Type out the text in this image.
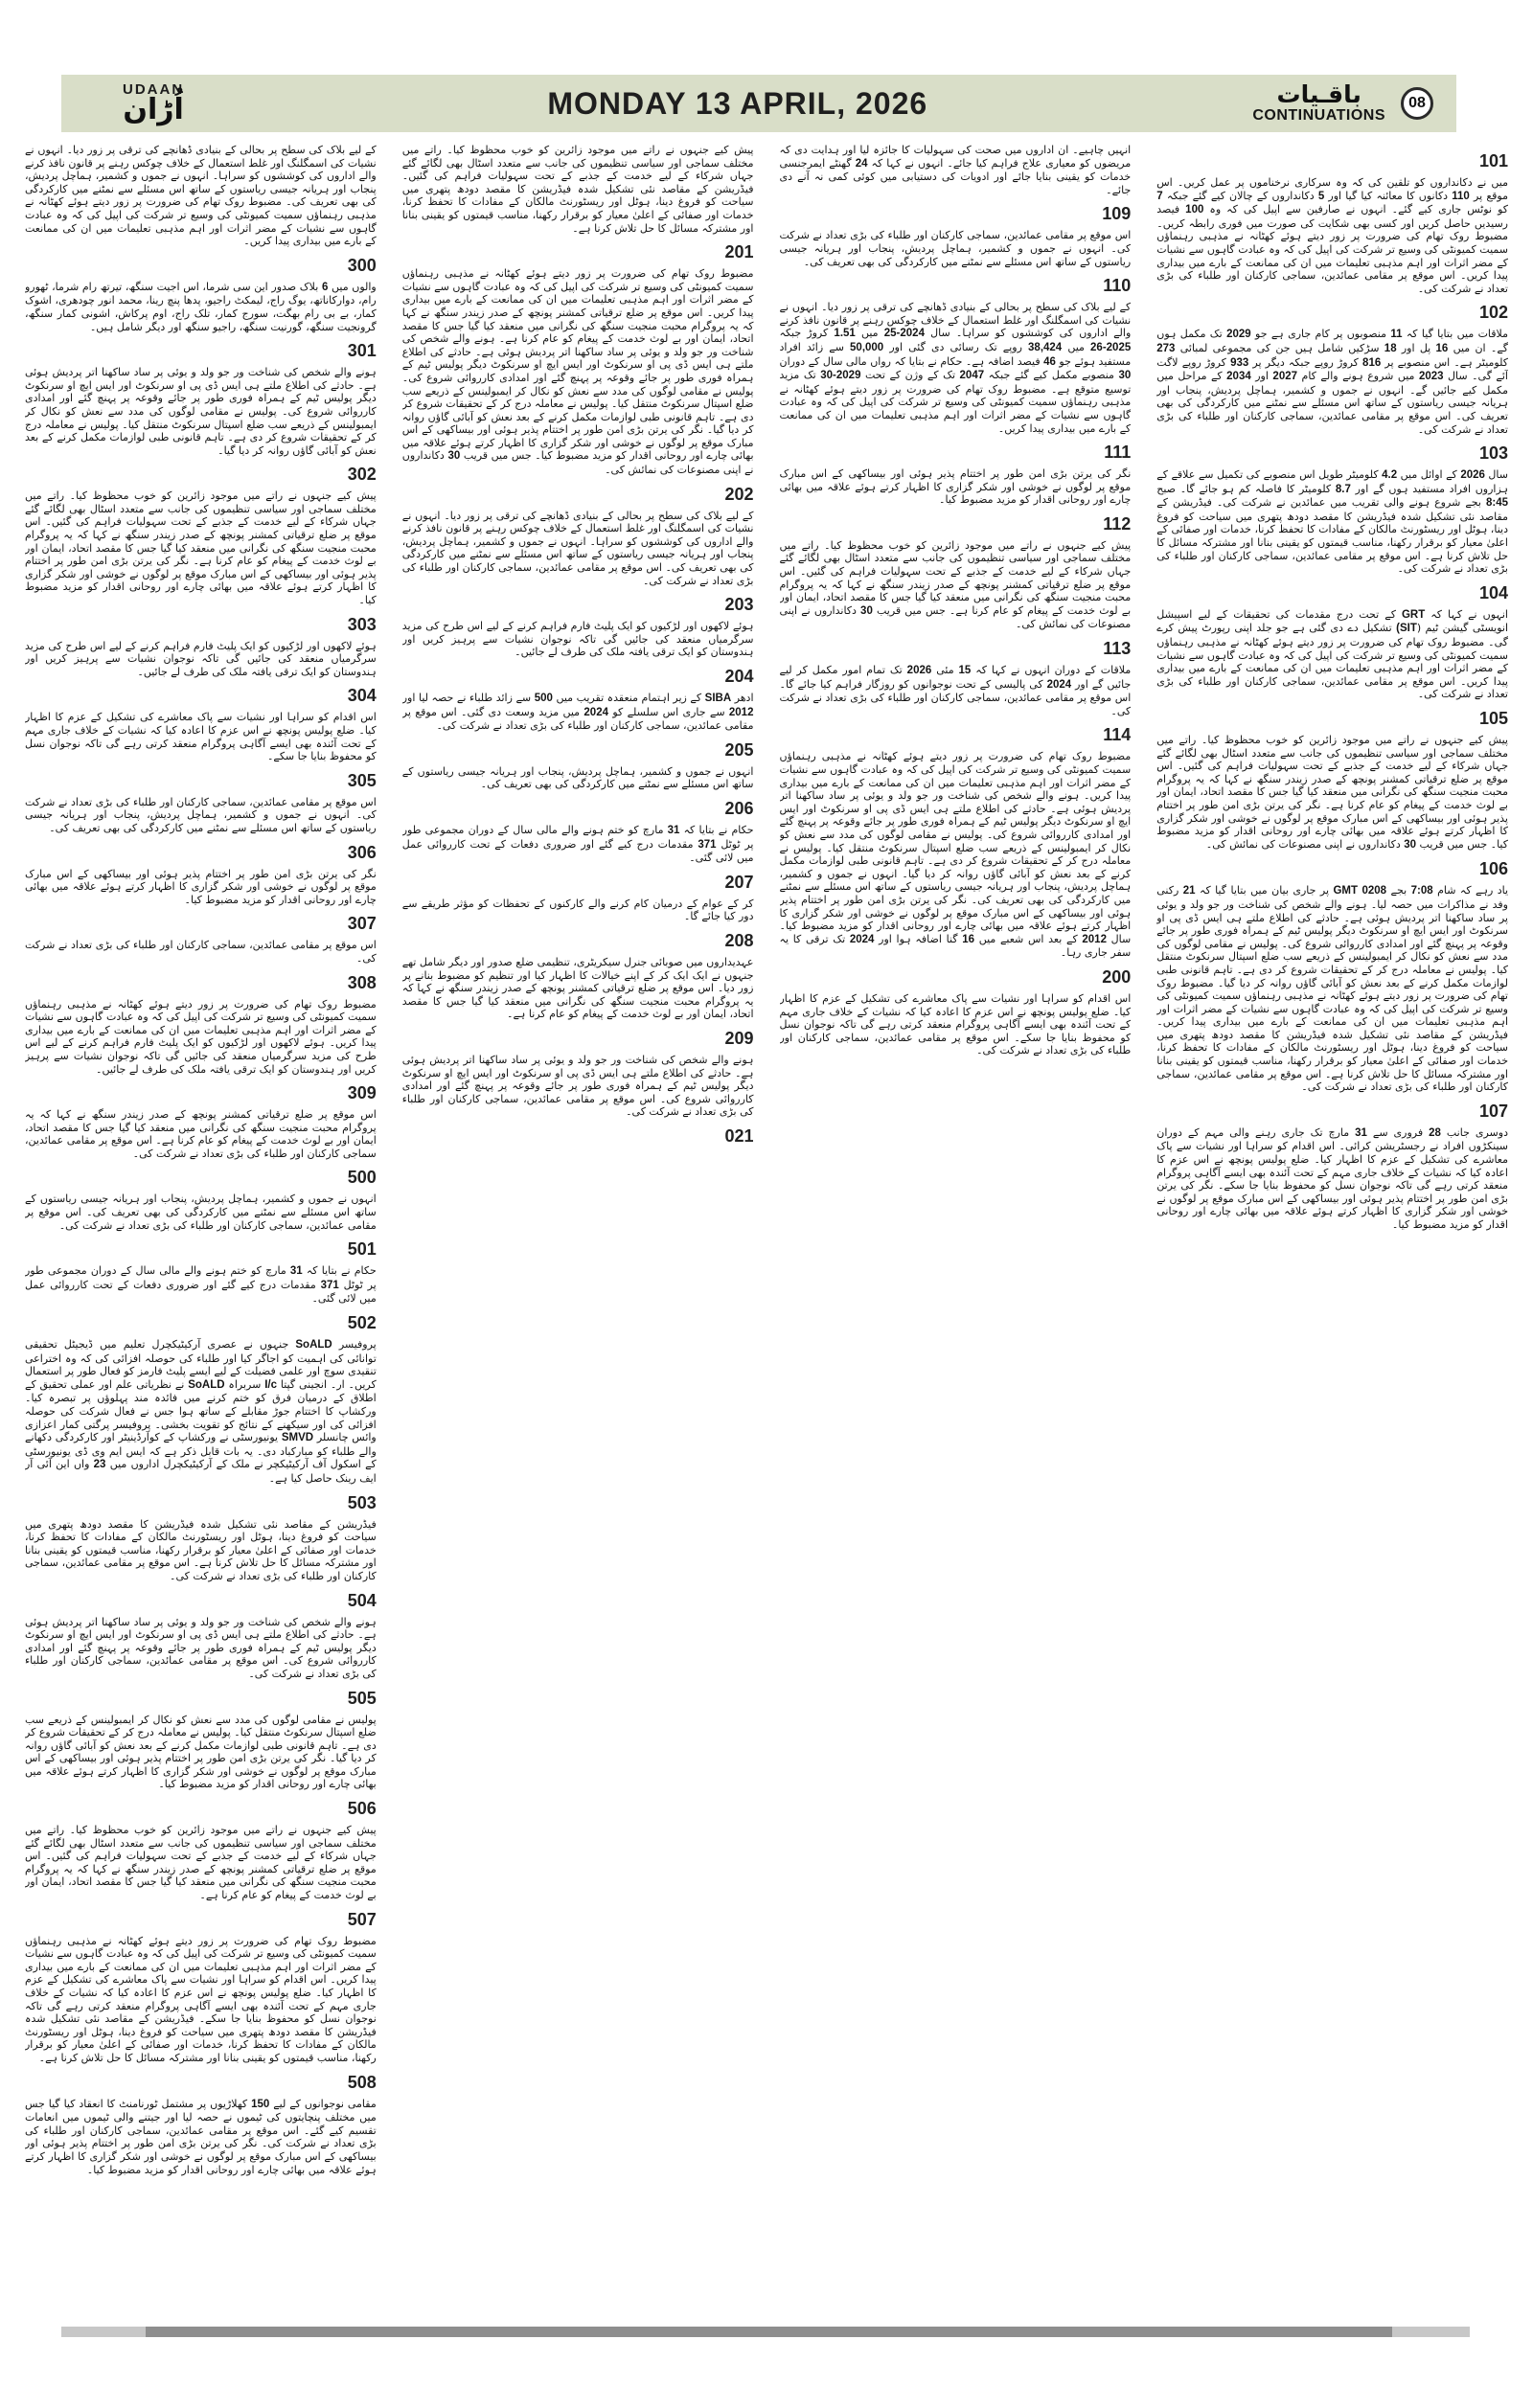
UDAAN
اُڑان	MONDAY 13 APRIL, 2026	باقـیات
CONTINUATIONS
08

کے لیے بلاک کی سطح پر بحالی کے بنیادی ڈھانچے کی ترقی پر زور دیا۔ انہوں نے نشیات کی اسمگلنگ اور غلط استعمال کے خلاف چوکس رہنے پر قانون نافذ کرنے والے اداروں کی کوششوں کو سراہا۔ انہوں نے جموں و کشمیر، ہماچل پردیش، پنجاب اور ہریانہ جیسی ریاستوں کے ساتھ اس مسئلے سے نمٹنے میں کارکردگی کی بھی تعریف کی۔ مضبوط روک تھام کی ضرورت پر زور دیتے ہوئے کھٹانہ نے مذہبی رہنماؤں سمیت کمیونٹی کی وسیع تر شرکت کی اپیل کی کہ وہ عبادت گاہوں سے نشیات کے مضر اثرات اور اہم مذہبی تعلیمات میں ان کی ممانعت کے بارے میں بیداری پیدا کریں۔

300

والوں میں 6 بلاک صدور این سی شرما، اس اجیت سنگھ، تیرتھ رام شرما، ٹھورو رام، دوارکاناتھ، یوگ راج، لیمکٹ راجیو، پدھا پنچ رینا، محمد انور چودھری، اشوک کمار، بے بی رام بھگت، سورج کمار، تلک راج، اوم پرکاش، اشونی کمار سنگھ، گرونجیت سنگھ، گورنیت سنگھ، راجیو سنگھ اور دیگر شامل ہیں۔

301

ہونے والے شخص کی شناخت ور جو ولد و یوئی پر ساد ساکھنا اتر پردیش ہوئی ہے۔ حادثے کی اطلاع ملتے ہی ایس ڈی پی او سرنکوٹ اور ایس ایچ او سرنکوٹ دیگر پولیس ٹیم کے ہمراہ فوری طور پر جائے وقوعہ پر پہنچ گئے اور امدادی کارروائی شروع کی۔ پولیس نے مقامی لوگوں کی مدد سے نعش کو نکال کر ایمبولینس کے ذریعے سب ضلع اسپتال سرنکوٹ منتقل کیا۔ پولیس نے معاملہ درج کر کے تحقیقات شروع کر دی ہے۔ تاہم قانونی طبی لوازمات مکمل کرنے کے بعد نعش کو آبائی گاؤں روانہ کر دیا گیا۔

302

پیش کیے جنہوں نے راتے میں موجود زائرین کو خوب محظوظ کیا۔ راتے میں مختلف سماجی اور سیاسی تنظیموں کی جانب سے متعدد اسٹال بھی لگائے گئے جہاں شرکاء کے لیے خدمت کے جذبے کے تحت سہولیات فراہم کی گئیں۔ اس موقع پر ضلع ترقیاتی کمشنر پونچھ کے صدر زیندر سنگھ نے کہا کہ یہ پروگرام محبت منجیت سنگھ کی نگرانی میں منعقد کیا گیا جس کا مقصد اتحاد، ایمان اور بے لوث خدمت کے پیغام کو عام کرنا ہے۔ نگر کی یرتن بڑی امن طور پر اختتام پذیر ہوئی اور بیساکھی کے اس مبارک موقع پر لوگوں نے خوشی اور شکر گزاری کا اظہار کرتے ہوئے علاقہ میں بھائی چارے اور روحانی اقدار کو مزید مضبوط کیا۔

303

ہوئے لاکھوں اور لڑکیوں کو ایک پلیٹ فارم فراہم کرنے کے لیے اس طرح کی مزید سرگرمیاں منعقد کی جائیں گی تاکہ نوجوان نشیات سے پرہیز کریں اور ہندوستان کو ایک ترقی یافتہ ملک کی طرف لے جائیں۔

304

اس اقدام کو سراہا اور نشیات سے پاک معاشرے کی تشکیل کے عزم کا اظہار کیا۔ ضلع پولیس پونچھ نے اس عزم کا اعادہ کیا کہ نشیات کے خلاف جاری مہم کے تحت آئندہ بھی ایسے آگاہی پروگرام منعقد کرتی رہے گی تاکہ نوجوان نسل کو محفوظ بنایا جا سکے۔

305

اس موقع پر مقامی عمائدین، سماجی کارکنان اور طلباء کی بڑی تعداد نے شرکت کی۔ انہوں نے جموں و کشمیر، ہماچل پردیش، پنجاب اور ہریانہ جیسی ریاستوں کے ساتھ اس مسئلے سے نمٹنے میں کارکردگی کی بھی تعریف کی۔

306

نگر کی یرتن بڑی امن طور پر اختتام پذیر ہوئی اور بیساکھی کے اس مبارک موقع پر لوگوں نے خوشی اور شکر گزاری کا اظہار کرتے ہوئے علاقہ میں بھائی چارے اور روحانی اقدار کو مزید مضبوط کیا۔

307

اس موقع پر مقامی عمائدین، سماجی کارکنان اور طلباء کی بڑی تعداد نے شرکت کی۔

308

مضبوط روک تھام کی ضرورت پر زور دیتے ہوئے کھٹانہ نے مذہبی رہنماؤں سمیت کمیونٹی کی وسیع تر شرکت کی اپیل کی کہ وہ عبادت گاہوں سے نشیات کے مضر اثرات اور اہم مذہبی تعلیمات میں ان کی ممانعت کے بارے میں بیداری پیدا کریں۔ ہوئے لاکھوں اور لڑکیوں کو ایک پلیٹ فارم فراہم کرنے کے لیے اس طرح کی مزید سرگرمیاں منعقد کی جائیں گی تاکہ نوجوان نشیات سے پرہیز کریں اور ہندوستان کو ایک ترقی یافتہ ملک کی طرف لے جائیں۔

309

اس موقع پر ضلع ترقیاتی کمشنر پونچھ کے صدر زیندر سنگھ نے کہا کہ یہ پروگرام محبت منجیت سنگھ کی نگرانی میں منعقد کیا گیا جس کا مقصد اتحاد، ایمان اور بے لوث خدمت کے پیغام کو عام کرنا ہے۔ اس موقع پر مقامی عمائدین، سماجی کارکنان اور طلباء کی بڑی تعداد نے شرکت کی۔

500

انہوں نے جموں و کشمیر، ہماچل پردیش، پنجاب اور ہریانہ جیسی ریاستوں کے ساتھ اس مسئلے سے نمٹنے میں کارکردگی کی بھی تعریف کی۔ اس موقع پر مقامی عمائدین، سماجی کارکنان اور طلباء کی بڑی تعداد نے شرکت کی۔

501

حکام نے بتایا کہ 31 مارچ کو ختم ہونے والے مالی سال کے دوران مجموعی طور پر ٹوٹل 371 مقدمات درج کیے گئے اور ضروری دفعات کے تحت کارروائی عمل میں لائی گئی۔

502

پروفیسر SoALD جنہوں نے عصری آرکیٹیکچرل تعلیم میں ڈیجیٹل تحقیقی توانائی کی اہمیت کو اجاگر کیا اور طلباء کی حوصلہ افزائی کی کہ وہ اختراعی تنقیدی سوچ اور علمی فضیلت کے لیے ایسے پلیٹ فارمز کو فعال طور پر استعمال کریں۔ ار۔ انجینی گپتا I/c سربراہ SoALD نے نظریاتی علم اور عملی تحقیق کے اطلاق کے درمیان فرق کو ختم کرنے میں فائدہ مند پہلوؤں پر تبصرہ کیا۔ ورکشاپ کا اختتام جوڑ مقابلے کے ساتھ ہوا جس نے فعال شرکت کی حوصلہ افزائی کی اور سیکھنے کے نتائج کو تقویت بخشی۔ پروفیسر پرگتی کمار اعزازی وائس چانسلر SMVD یونیورسٹی نے ورکشاپ کے کوآرڈینیٹر اور کارکردگی دکھانے والے طلباء کو مبارکباد دی۔ یہ بات قابل ذکر ہے کہ ایس ایم وی ڈی یونیورسٹی کے اسکول آف آرکیٹیکچر نے ملک کے آرکیٹیکچرل اداروں میں 23 واں این آئی آر ایف رینک حاصل کیا ہے۔

503

فیڈریشن کے مقاصد نئی تشکیل شدہ فیڈریشن کا مقصد دودھ پتھری میں سیاحت کو فروغ دینا، ہوٹل اور ریسٹورنٹ مالکان کے مفادات کا تحفظ کرنا، خدمات اور صفائی کے اعلیٰ معیار کو برقرار رکھنا، مناسب قیمتوں کو یقینی بنانا اور مشترکہ مسائل کا حل تلاش کرنا ہے۔ اس موقع پر مقامی عمائدین، سماجی کارکنان اور طلباء کی بڑی تعداد نے شرکت کی۔

504

ہونے والے شخص کی شناخت ور جو ولد و یوئی پر ساد ساکھنا اتر پردیش ہوئی ہے۔ حادثے کی اطلاع ملتے ہی ایس ڈی پی او سرنکوٹ اور ایس ایچ او سرنکوٹ دیگر پولیس ٹیم کے ہمراہ فوری طور پر جائے وقوعہ پر پہنچ گئے اور امدادی کارروائی شروع کی۔ اس موقع پر مقامی عمائدین، سماجی کارکنان اور طلباء کی بڑی تعداد نے شرکت کی۔

505

پولیس نے مقامی لوگوں کی مدد سے نعش کو نکال کر ایمبولینس کے ذریعے سب ضلع اسپتال سرنکوٹ منتقل کیا۔ پولیس نے معاملہ درج کر کے تحقیقات شروع کر دی ہے۔ تاہم قانونی طبی لوازمات مکمل کرنے کے بعد نعش کو آبائی گاؤں روانہ کر دیا گیا۔ نگر کی یرتن بڑی امن طور پر اختتام پذیر ہوئی اور بیساکھی کے اس مبارک موقع پر لوگوں نے خوشی اور شکر گزاری کا اظہار کرتے ہوئے علاقہ میں بھائی چارے اور روحانی اقدار کو مزید مضبوط کیا۔

506

پیش کیے جنہوں نے راتے میں موجود زائرین کو خوب محظوظ کیا۔ راتے میں مختلف سماجی اور سیاسی تنظیموں کی جانب سے متعدد اسٹال بھی لگائے گئے جہاں شرکاء کے لیے خدمت کے جذبے کے تحت سہولیات فراہم کی گئیں۔ اس موقع پر ضلع ترقیاتی کمشنر پونچھ کے صدر زیندر سنگھ نے کہا کہ یہ پروگرام محبت منجیت سنگھ کی نگرانی میں منعقد کیا گیا جس کا مقصد اتحاد، ایمان اور بے لوث خدمت کے پیغام کو عام کرنا ہے۔

507

مضبوط روک تھام کی ضرورت پر زور دیتے ہوئے کھٹانہ نے مذہبی رہنماؤں سمیت کمیونٹی کی وسیع تر شرکت کی اپیل کی کہ وہ عبادت گاہوں سے نشیات کے مضر اثرات اور اہم مذہبی تعلیمات میں ان کی ممانعت کے بارے میں بیداری پیدا کریں۔ اس اقدام کو سراہا اور نشیات سے پاک معاشرے کی تشکیل کے عزم کا اظہار کیا۔ ضلع پولیس پونچھ نے اس عزم کا اعادہ کیا کہ نشیات کے خلاف جاری مہم کے تحت آئندہ بھی ایسے آگاہی پروگرام منعقد کرتی رہے گی تاکہ نوجوان نسل کو محفوظ بنایا جا سکے۔ فیڈریشن کے مقاصد نئی تشکیل شدہ فیڈریشن کا مقصد دودھ پتھری میں سیاحت کو فروغ دینا، ہوٹل اور ریسٹورنٹ مالکان کے مفادات کا تحفظ کرنا، خدمات اور صفائی کے اعلیٰ معیار کو برقرار رکھنا، مناسب قیمتوں کو یقینی بنانا اور مشترکہ مسائل کا حل تلاش کرنا ہے۔

508

مقامی نوجوانوں کے لیے 150 کھلاڑیوں پر مشتمل ٹورنامنٹ کا انعقاد کیا گیا جس میں مختلف پنچایتوں کی ٹیموں نے حصہ لیا اور جیتنے والی ٹیموں میں انعامات تقسیم کیے گئے۔ اس موقع پر مقامی عمائدین، سماجی کارکنان اور طلباء کی بڑی تعداد نے شرکت کی۔ نگر کی یرتن بڑی امن طور پر اختتام پذیر ہوئی اور بیساکھی کے اس مبارک موقع پر لوگوں نے خوشی اور شکر گزاری کا اظہار کرتے ہوئے علاقہ میں بھائی چارے اور روحانی اقدار کو مزید مضبوط کیا۔

پیش کیے جنہوں نے راتے میں موجود زائرین کو خوب محظوظ کیا۔ راتے میں مختلف سماجی اور سیاسی تنظیموں کی جانب سے متعدد اسٹال بھی لگائے گئے جہاں شرکاء کے لیے خدمت کے جذبے کے تحت سہولیات فراہم کی گئیں۔ فیڈریشن کے مقاصد نئی تشکیل شدہ فیڈریشن کا مقصد دودھ پتھری میں سیاحت کو فروغ دینا، ہوٹل اور ریسٹورنٹ مالکان کے مفادات کا تحفظ کرنا، خدمات اور صفائی کے اعلیٰ معیار کو برقرار رکھنا، مناسب قیمتوں کو یقینی بنانا اور مشترکہ مسائل کا حل تلاش کرنا ہے۔

201

مضبوط روک تھام کی ضرورت پر زور دیتے ہوئے کھٹانہ نے مذہبی رہنماؤں سمیت کمیونٹی کی وسیع تر شرکت کی اپیل کی کہ وہ عبادت گاہوں سے نشیات کے مضر اثرات اور اہم مذہبی تعلیمات میں ان کی ممانعت کے بارے میں بیداری پیدا کریں۔ اس موقع پر ضلع ترقیاتی کمشنر پونچھ کے صدر زیندر سنگھ نے کہا کہ یہ پروگرام محبت منجیت سنگھ کی نگرانی میں منعقد کیا گیا جس کا مقصد اتحاد، ایمان اور بے لوث خدمت کے پیغام کو عام کرنا ہے۔ ہونے والے شخص کی شناخت ور جو ولد و یوئی پر ساد ساکھنا اتر پردیش ہوئی ہے۔ حادثے کی اطلاع ملتے ہی ایس ڈی پی او سرنکوٹ اور ایس ایچ او سرنکوٹ دیگر پولیس ٹیم کے ہمراہ فوری طور پر جائے وقوعہ پر پہنچ گئے اور امدادی کارروائی شروع کی۔ پولیس نے مقامی لوگوں کی مدد سے نعش کو نکال کر ایمبولینس کے ذریعے سب ضلع اسپتال سرنکوٹ منتقل کیا۔ پولیس نے معاملہ درج کر کے تحقیقات شروع کر دی ہے۔ تاہم قانونی طبی لوازمات مکمل کرنے کے بعد نعش کو آبائی گاؤں روانہ کر دیا گیا۔ نگر کی یرتن بڑی امن طور پر اختتام پذیر ہوئی اور بیساکھی کے اس مبارک موقع پر لوگوں نے خوشی اور شکر گزاری کا اظہار کرتے ہوئے علاقہ میں بھائی چارے اور روحانی اقدار کو مزید مضبوط کیا۔ جس میں قریب 30 دکانداروں نے اپنی مصنوعات کی نمائش کی۔

202

کے لیے بلاک کی سطح پر بحالی کے بنیادی ڈھانچے کی ترقی پر زور دیا۔ انہوں نے نشیات کی اسمگلنگ اور غلط استعمال کے خلاف چوکس رہنے پر قانون نافذ کرنے والے اداروں کی کوششوں کو سراہا۔ انہوں نے جموں و کشمیر، ہماچل پردیش، پنجاب اور ہریانہ جیسی ریاستوں کے ساتھ اس مسئلے سے نمٹنے میں کارکردگی کی بھی تعریف کی۔ اس موقع پر مقامی عمائدین، سماجی کارکنان اور طلباء کی بڑی تعداد نے شرکت کی۔

203

ہوئے لاکھوں اور لڑکیوں کو ایک پلیٹ فارم فراہم کرنے کے لیے اس طرح کی مزید سرگرمیاں منعقد کی جائیں گی تاکہ نوجوان نشیات سے پرہیز کریں اور ہندوستان کو ایک ترقی یافتہ ملک کی طرف لے جائیں۔

204

ادھر SIBA کے زیر اہتمام منعقدہ تقریب میں 500 سے زائد طلباء نے حصہ لیا اور 2012 سے جاری اس سلسلے کو 2024 میں مزید وسعت دی گئی۔ اس موقع پر مقامی عمائدین، سماجی کارکنان اور طلباء کی بڑی تعداد نے شرکت کی۔

205

انہوں نے جموں و کشمیر، ہماچل پردیش، پنجاب اور ہریانہ جیسی ریاستوں کے ساتھ اس مسئلے سے نمٹنے میں کارکردگی کی بھی تعریف کی۔

206

حکام نے بتایا کہ 31 مارچ کو ختم ہونے والے مالی سال کے دوران مجموعی طور پر ٹوٹل 371 مقدمات درج کیے گئے اور ضروری دفعات کے تحت کارروائی عمل میں لائی گئی۔

207

کر کے عوام کے درمیان کام کرنے والے کارکنوں کے تحفظات کو مؤثر طریقے سے دور کیا جائے گا۔

208

عہدیداروں میں صوبائی جنرل سیکریٹری، تنظیمی ضلع صدور اور دیگر شامل تھے جنہوں نے ایک ایک کر کے اپنے خیالات کا اظہار کیا اور تنظیم کو مضبوط بنانے پر زور دیا۔ اس موقع پر ضلع ترقیاتی کمشنر پونچھ کے صدر زیندر سنگھ نے کہا کہ یہ پروگرام محبت منجیت سنگھ کی نگرانی میں منعقد کیا گیا جس کا مقصد اتحاد، ایمان اور بے لوث خدمت کے پیغام کو عام کرنا ہے۔

209

ہونے والے شخص کی شناخت ور جو ولد و یوئی پر ساد ساکھنا اتر پردیش ہوئی ہے۔ حادثے کی اطلاع ملتے ہی ایس ڈی پی او سرنکوٹ اور ایس ایچ او سرنکوٹ دیگر پولیس ٹیم کے ہمراہ فوری طور پر جائے وقوعہ پر پہنچ گئے اور امدادی کارروائی شروع کی۔ اس موقع پر مقامی عمائدین، سماجی کارکنان اور طلباء کی بڑی تعداد نے شرکت کی۔

021

انہیں چاہیے۔ ان اداروں میں صحت کی سہولیات کا جائزہ لیا اور ہدایت دی کہ مریضوں کو معیاری علاج فراہم کیا جائے۔ انہوں نے کہا کہ 24 گھنٹے ایمرجنسی خدمات کو یقینی بنایا جائے اور ادویات کی دستیابی میں کوئی کمی نہ آنے دی جائے۔

109

اس موقع پر مقامی عمائدین، سماجی کارکنان اور طلباء کی بڑی تعداد نے شرکت کی۔ انہوں نے جموں و کشمیر، ہماچل پردیش، پنجاب اور ہریانہ جیسی ریاستوں کے ساتھ اس مسئلے سے نمٹنے میں کارکردگی کی بھی تعریف کی۔

110

کے لیے بلاک کی سطح پر بحالی کے بنیادی ڈھانچے کی ترقی پر زور دیا۔ انہوں نے نشیات کی اسمگلنگ اور غلط استعمال کے خلاف چوکس رہنے پر قانون نافذ کرنے والے اداروں کی کوششوں کو سراہا۔ سال 2024-25 میں 1.51 کروڑ جبکہ 2025-26 میں 38,424 روپے تک رسائی دی گئی اور 50,000 سے زائد افراد مستفید ہوئے جو 46 فیصد اضافہ ہے۔ حکام نے بتایا کہ رواں مالی سال کے دوران 30 منصوبے مکمل کیے گئے جبکہ 2047 تک کے وژن کے تحت 2029-30 تک مزید توسیع متوقع ہے۔ مضبوط روک تھام کی ضرورت پر زور دیتے ہوئے کھٹانہ نے مذہبی رہنماؤں سمیت کمیونٹی کی وسیع تر شرکت کی اپیل کی کہ وہ عبادت گاہوں سے نشیات کے مضر اثرات اور اہم مذہبی تعلیمات میں ان کی ممانعت کے بارے میں بیداری پیدا کریں۔

111

نگر کی یرتن بڑی امن طور پر اختتام پذیر ہوئی اور بیساکھی کے اس مبارک موقع پر لوگوں نے خوشی اور شکر گزاری کا اظہار کرتے ہوئے علاقہ میں بھائی چارے اور روحانی اقدار کو مزید مضبوط کیا۔

112

پیش کیے جنہوں نے راتے میں موجود زائرین کو خوب محظوظ کیا۔ راتے میں مختلف سماجی اور سیاسی تنظیموں کی جانب سے متعدد اسٹال بھی لگائے گئے جہاں شرکاء کے لیے خدمت کے جذبے کے تحت سہولیات فراہم کی گئیں۔ اس موقع پر ضلع ترقیاتی کمشنر پونچھ کے صدر زیندر سنگھ نے کہا کہ یہ پروگرام محبت منجیت سنگھ کی نگرانی میں منعقد کیا گیا جس کا مقصد اتحاد، ایمان اور بے لوث خدمت کے پیغام کو عام کرنا ہے۔ جس میں قریب 30 دکانداروں نے اپنی مصنوعات کی نمائش کی۔

113

ملاقات کے دوران انہوں نے کہا کہ 15 مئی 2026 تک تمام امور مکمل کر لیے جائیں گے اور 2024 کی پالیسی کے تحت نوجوانوں کو روزگار فراہم کیا جائے گا۔ اس موقع پر مقامی عمائدین، سماجی کارکنان اور طلباء کی بڑی تعداد نے شرکت کی۔

114

مضبوط روک تھام کی ضرورت پر زور دیتے ہوئے کھٹانہ نے مذہبی رہنماؤں سمیت کمیونٹی کی وسیع تر شرکت کی اپیل کی کہ وہ عبادت گاہوں سے نشیات کے مضر اثرات اور اہم مذہبی تعلیمات میں ان کی ممانعت کے بارے میں بیداری پیدا کریں۔ ہونے والے شخص کی شناخت ور جو ولد و یوئی پر ساد ساکھنا اتر پردیش ہوئی ہے۔ حادثے کی اطلاع ملتے ہی ایس ڈی پی او سرنکوٹ اور ایس ایچ او سرنکوٹ دیگر پولیس ٹیم کے ہمراہ فوری طور پر جائے وقوعہ پر پہنچ گئے اور امدادی کارروائی شروع کی۔ پولیس نے مقامی لوگوں کی مدد سے نعش کو نکال کر ایمبولینس کے ذریعے سب ضلع اسپتال سرنکوٹ منتقل کیا۔ پولیس نے معاملہ درج کر کے تحقیقات شروع کر دی ہے۔ تاہم قانونی طبی لوازمات مکمل کرنے کے بعد نعش کو آبائی گاؤں روانہ کر دیا گیا۔ انہوں نے جموں و کشمیر، ہماچل پردیش، پنجاب اور ہریانہ جیسی ریاستوں کے ساتھ اس مسئلے سے نمٹنے میں کارکردگی کی بھی تعریف کی۔ نگر کی یرتن بڑی امن طور پر اختتام پذیر ہوئی اور بیساکھی کے اس مبارک موقع پر لوگوں نے خوشی اور شکر گزاری کا اظہار کرتے ہوئے علاقہ میں بھائی چارے اور روحانی اقدار کو مزید مضبوط کیا۔ سال 2012 کے بعد اس شعبے میں 16 گنا اضافہ ہوا اور 2024 تک ترقی کا یہ سفر جاری رہا۔

200

اس اقدام کو سراہا اور نشیات سے پاک معاشرے کی تشکیل کے عزم کا اظہار کیا۔ ضلع پولیس پونچھ نے اس عزم کا اعادہ کیا کہ نشیات کے خلاف جاری مہم کے تحت آئندہ بھی ایسے آگاہی پروگرام منعقد کرتی رہے گی تاکہ نوجوان نسل کو محفوظ بنایا جا سکے۔ اس موقع پر مقامی عمائدین، سماجی کارکنان اور طلباء کی بڑی تعداد نے شرکت کی۔

101

میں نے دکانداروں کو تلقین کی کہ وہ سرکاری نرخناموں پر عمل کریں۔ اس موقع پر 110 دکانوں کا معائنہ کیا گیا اور 5 دکانداروں کے چالان کیے گئے جبکہ 7 کو نوٹس جاری کیے گئے۔ انہوں نے صارفین سے اپیل کی کہ وہ 100 فیصد رسیدیں حاصل کریں اور کسی بھی شکایت کی صورت میں فوری رابطہ کریں۔ مضبوط روک تھام کی ضرورت پر زور دیتے ہوئے کھٹانہ نے مذہبی رہنماؤں سمیت کمیونٹی کی وسیع تر شرکت کی اپیل کی کہ وہ عبادت گاہوں سے نشیات کے مضر اثرات اور اہم مذہبی تعلیمات میں ان کی ممانعت کے بارے میں بیداری پیدا کریں۔ اس موقع پر مقامی عمائدین، سماجی کارکنان اور طلباء کی بڑی تعداد نے شرکت کی۔

102

ملاقات میں بتایا گیا کہ 11 منصوبوں پر کام جاری ہے جو 2029 تک مکمل ہوں گے۔ ان میں 16 پل اور 18 سڑکیں شامل ہیں جن کی مجموعی لمبائی 273 کلومیٹر ہے۔ اس منصوبے پر 816 کروڑ روپے جبکہ دیگر پر 933 کروڑ روپے لاگت آئے گی۔ سال 2023 میں شروع ہونے والے کام 2027 اور 2034 کے مراحل میں مکمل کیے جائیں گے۔ انہوں نے جموں و کشمیر، ہماچل پردیش، پنجاب اور ہریانہ جیسی ریاستوں کے ساتھ اس مسئلے سے نمٹنے میں کارکردگی کی بھی تعریف کی۔ اس موقع پر مقامی عمائدین، سماجی کارکنان اور طلباء کی بڑی تعداد نے شرکت کی۔

103

سال 2026 کے اوائل میں 4.2 کلومیٹر طویل اس منصوبے کی تکمیل سے علاقے کے ہزاروں افراد مستفید ہوں گے اور 8.7 کلومیٹر کا فاصلہ کم ہو جائے گا۔ صبح 8:45 بجے شروع ہونے والی تقریب میں عمائدین نے شرکت کی۔ فیڈریشن کے مقاصد نئی تشکیل شدہ فیڈریشن کا مقصد دودھ پتھری میں سیاحت کو فروغ دینا، ہوٹل اور ریسٹورنٹ مالکان کے مفادات کا تحفظ کرنا، خدمات اور صفائی کے اعلیٰ معیار کو برقرار رکھنا، مناسب قیمتوں کو یقینی بنانا اور مشترکہ مسائل کا حل تلاش کرنا ہے۔ اس موقع پر مقامی عمائدین، سماجی کارکنان اور طلباء کی بڑی تعداد نے شرکت کی۔

104

انہوں نے کہا کہ GRT کے تحت درج مقدمات کی تحقیقات کے لیے اسپیشل انویسٹی گیشن ٹیم (SIT) تشکیل دے دی گئی ہے جو جلد اپنی رپورٹ پیش کرے گی۔ مضبوط روک تھام کی ضرورت پر زور دیتے ہوئے کھٹانہ نے مذہبی رہنماؤں سمیت کمیونٹی کی وسیع تر شرکت کی اپیل کی کہ وہ عبادت گاہوں سے نشیات کے مضر اثرات اور اہم مذہبی تعلیمات میں ان کی ممانعت کے بارے میں بیداری پیدا کریں۔ اس موقع پر مقامی عمائدین، سماجی کارکنان اور طلباء کی بڑی تعداد نے شرکت کی۔

105

پیش کیے جنہوں نے راتے میں موجود زائرین کو خوب محظوظ کیا۔ راتے میں مختلف سماجی اور سیاسی تنظیموں کی جانب سے متعدد اسٹال بھی لگائے گئے جہاں شرکاء کے لیے خدمت کے جذبے کے تحت سہولیات فراہم کی گئیں۔ اس موقع پر ضلع ترقیاتی کمشنر پونچھ کے صدر زیندر سنگھ نے کہا کہ یہ پروگرام محبت منجیت سنگھ کی نگرانی میں منعقد کیا گیا جس کا مقصد اتحاد، ایمان اور بے لوث خدمت کے پیغام کو عام کرنا ہے۔ نگر کی یرتن بڑی امن طور پر اختتام پذیر ہوئی اور بیساکھی کے اس مبارک موقع پر لوگوں نے خوشی اور شکر گزاری کا اظہار کرتے ہوئے علاقہ میں بھائی چارے اور روحانی اقدار کو مزید مضبوط کیا۔ جس میں قریب 30 دکانداروں نے اپنی مصنوعات کی نمائش کی۔

106

یاد رہے کہ شام 7:08 بجے 0208 GMT پر جاری بیان میں بتایا گیا کہ 21 رکنی وفد نے مذاکرات میں حصہ لیا۔ ہونے والے شخص کی شناخت ور جو ولد و یوئی پر ساد ساکھنا اتر پردیش ہوئی ہے۔ حادثے کی اطلاع ملتے ہی ایس ڈی پی او سرنکوٹ اور ایس ایچ او سرنکوٹ دیگر پولیس ٹیم کے ہمراہ فوری طور پر جائے وقوعہ پر پہنچ گئے اور امدادی کارروائی شروع کی۔ پولیس نے مقامی لوگوں کی مدد سے نعش کو نکال کر ایمبولینس کے ذریعے سب ضلع اسپتال سرنکوٹ منتقل کیا۔ پولیس نے معاملہ درج کر کے تحقیقات شروع کر دی ہے۔ تاہم قانونی طبی لوازمات مکمل کرنے کے بعد نعش کو آبائی گاؤں روانہ کر دیا گیا۔ مضبوط روک تھام کی ضرورت پر زور دیتے ہوئے کھٹانہ نے مذہبی رہنماؤں سمیت کمیونٹی کی وسیع تر شرکت کی اپیل کی کہ وہ عبادت گاہوں سے نشیات کے مضر اثرات اور اہم مذہبی تعلیمات میں ان کی ممانعت کے بارے میں بیداری پیدا کریں۔ فیڈریشن کے مقاصد نئی تشکیل شدہ فیڈریشن کا مقصد دودھ پتھری میں سیاحت کو فروغ دینا، ہوٹل اور ریسٹورنٹ مالکان کے مفادات کا تحفظ کرنا، خدمات اور صفائی کے اعلیٰ معیار کو برقرار رکھنا، مناسب قیمتوں کو یقینی بنانا اور مشترکہ مسائل کا حل تلاش کرنا ہے۔ اس موقع پر مقامی عمائدین، سماجی کارکنان اور طلباء کی بڑی تعداد نے شرکت کی۔

107

دوسری جانب 28 فروری سے 31 مارچ تک جاری رہنے والی مہم کے دوران سینکڑوں افراد نے رجسٹریشن کرائی۔ اس اقدام کو سراہا اور نشیات سے پاک معاشرے کی تشکیل کے عزم کا اظہار کیا۔ ضلع پولیس پونچھ نے اس عزم کا اعادہ کیا کہ نشیات کے خلاف جاری مہم کے تحت آئندہ بھی ایسے آگاہی پروگرام منعقد کرتی رہے گی تاکہ نوجوان نسل کو محفوظ بنایا جا سکے۔ نگر کی یرتن بڑی امن طور پر اختتام پذیر ہوئی اور بیساکھی کے اس مبارک موقع پر لوگوں نے خوشی اور شکر گزاری کا اظہار کرتے ہوئے علاقہ میں بھائی چارے اور روحانی اقدار کو مزید مضبوط کیا۔
